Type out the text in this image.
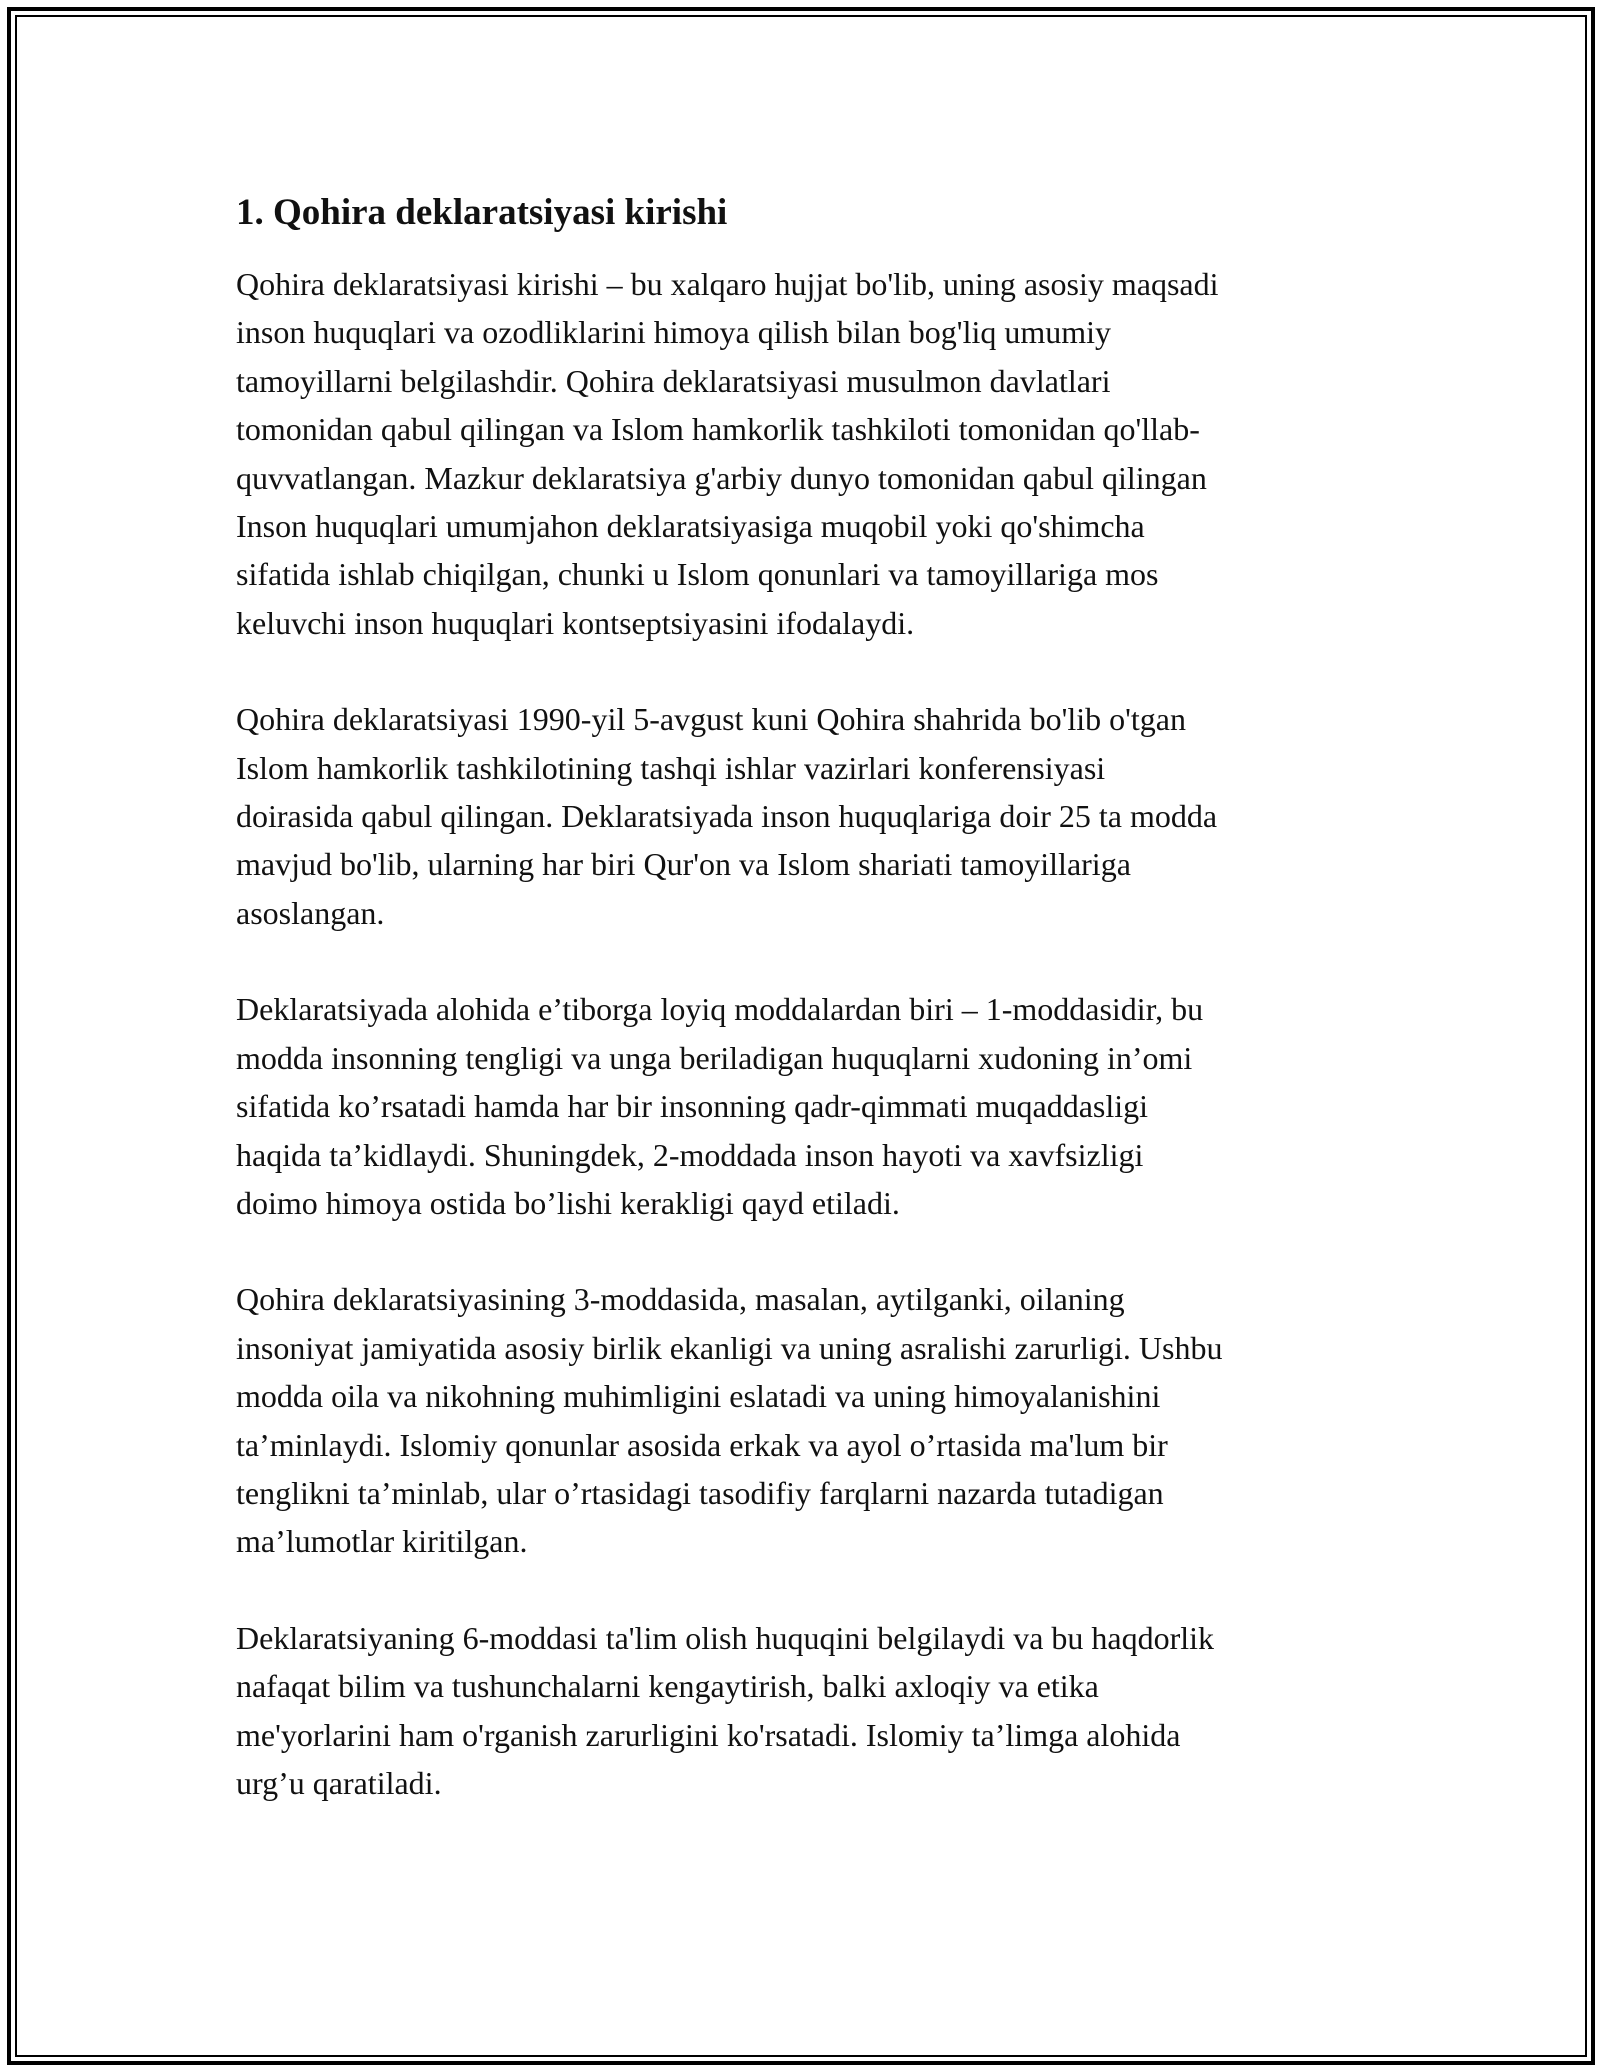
1. Qohira deklaratsiyasi kirishi

Qohira deklaratsiyasi kirishi – bu xalqaro hujjat bo'lib, uning asosiy maqsadi
inson huquqlari va ozodliklarini himoya qilish bilan bog'liq umumiy
tamoyillarni belgilashdir. Qohira deklaratsiyasi musulmon davlatlari
tomonidan qabul qilingan va Islom hamkorlik tashkiloti tomonidan qo'llab-
quvvatlangan. Mazkur deklaratsiya g'arbiy dunyo tomonidan qabul qilingan
Inson huquqlari umumjahon deklaratsiyasiga muqobil yoki qo'shimcha
sifatida ishlab chiqilgan, chunki u Islom qonunlari va tamoyillariga mos
keluvchi inson huquqlari kontseptsiyasini ifodalaydi.

Qohira deklaratsiyasi 1990-yil 5-avgust kuni Qohira shahrida bo'lib o'tgan
Islom hamkorlik tashkilotining tashqi ishlar vazirlari konferensiyasi
doirasida qabul qilingan. Deklaratsiyada inson huquqlariga doir 25 ta modda
mavjud bo'lib, ularning har biri Qur'on va Islom shariati tamoyillariga
asoslangan.

Deklaratsiyada alohida e’tiborga loyiq moddalardan biri – 1-moddasidir, bu
modda insonning tengligi va unga beriladigan huquqlarni xudoning in’omi
sifatida ko’rsatadi hamda har bir insonning qadr-qimmati muqaddasligi
haqida ta’kidlaydi. Shuningdek, 2-moddada inson hayoti va xavfsizligi
doimo himoya ostida bo’lishi kerakligi qayd etiladi.

Qohira deklaratsiyasining 3-moddasida, masalan, aytilganki, oilaning
insoniyat jamiyatida asosiy birlik ekanligi va uning asralishi zarurligi. Ushbu
modda oila va nikohning muhimligini eslatadi va uning himoyalanishini
ta’minlaydi. Islomiy qonunlar asosida erkak va ayol o’rtasida ma'lum bir
tenglikni ta’minlab, ular o’rtasidagi tasodifiy farqlarni nazarda tutadigan
ma’lumotlar kiritilgan.

Deklaratsiyaning 6-moddasi ta'lim olish huquqini belgilaydi va bu haqdorlik
nafaqat bilim va tushunchalarni kengaytirish, balki axloqiy va etika
me'yorlarini ham o'rganish zarurligini ko'rsatadi. Islomiy ta’limga alohida
urg’u qaratiladi.
